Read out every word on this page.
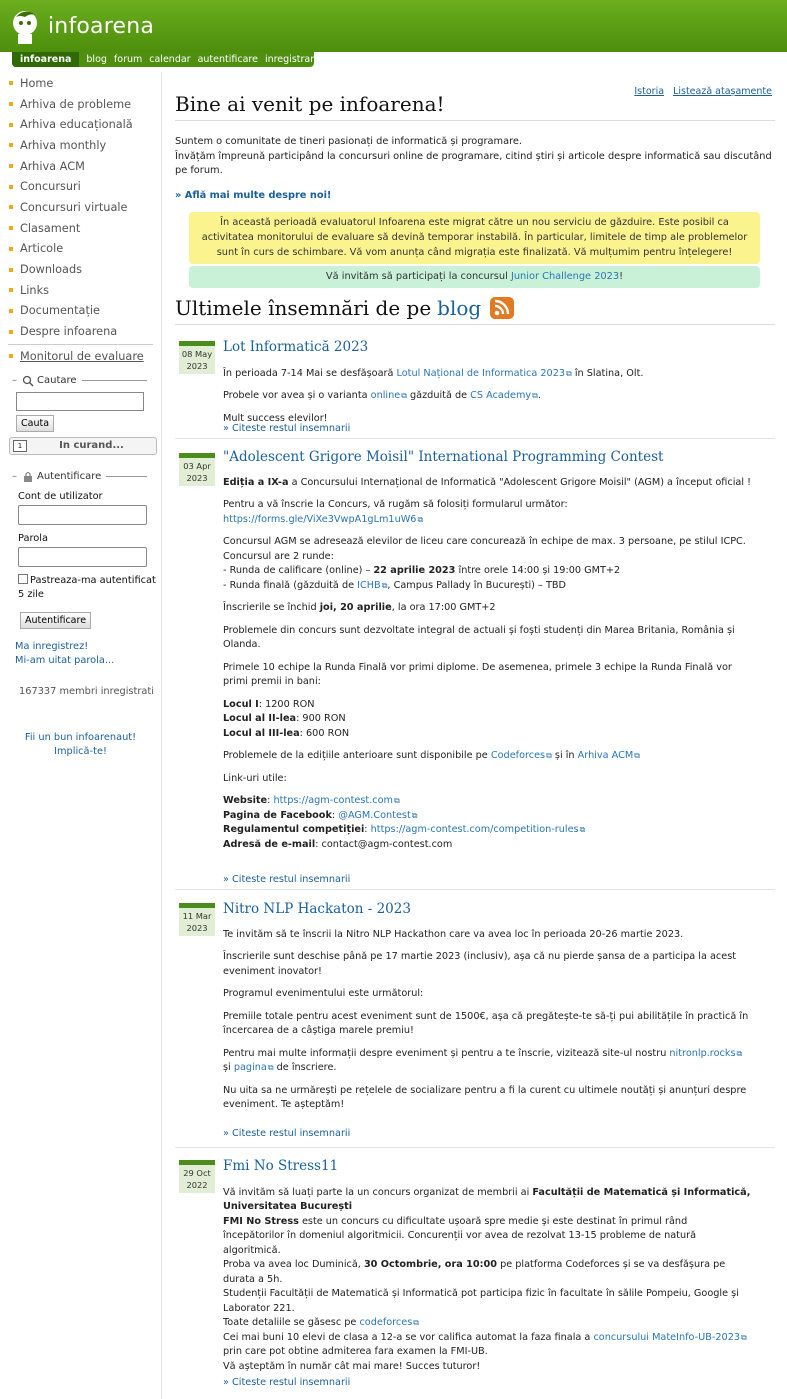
infoarena
infoarena	blog forum calendar autentificare inregistrare
Home
Arhiva de probleme
Arhiva educațională
Arhiva monthly
Arhiva ACM
Concursuri
Concursuri virtuale
Clasament
Articole
Downloads
Links
Documentație
Despre infoarena
Monitorul de evaluare
– Cautare
Cauta
1	In curand...
– Autentificare
Cont de utilizator
Parola
Pastreaza-ma autentificat 5 zile
Autentificare
Ma inregistrez!
Mi-am uitat parola...
167337 membri inregistrati
Fii un bun infoarenaut!
Implică-te!
Istoria Listează atașamente
Bine ai venit pe infoarena!
Suntem o comunitate de tineri pasionați de informatică și programare.
Învățăm împreună participând la concursuri online de programare, citind știri și articole despre informatică sau discutând pe forum.
» Află mai multe despre noi!
În această perioadă evaluatorul Infoarena este migrat către un nou serviciu de găzduire. Este posibil ca activitatea monitorului de evaluare să devină temporar instabilă. În particular, limitele de timp ale problemelor sunt în curs de schimbare. Vă vom anunța când migrația este finalizată. Vă mulțumim pentru înțelegere!
Vă invităm să participați la concursul Junior Challenge 2023!
Ultimele însemnări de pe blog
08 May
2023
Lot Informatică 2023

În perioada 7-14 Mai se desfășoară Lotul Național de Informatica 2023 ⧉ în Slatina, Olt.

Probele vor avea și o varianta online ⧉ găzduită de CS Academy ⧉ .

Mult success elevilor!

» Citeste restul insemnarii
03 Apr
2023
"Adolescent Grigore Moisil" International Programming Contest

Ediția a IX-a a Concursului Internațional de Informatică "Adolescent Grigore Moisil" (AGM) a început oficial !

Pentru a vă înscrie la Concurs, vă rugăm să folosiți formularul următor:
https://forms.gle/ViXe3VwpA1gLm1uW6 ⧉

Concursul AGM se adresează elevilor de liceu care concurează în echipe de max. 3 persoane, pe stilul ICPC.
Concursul are 2 runde:
- Runda de calificare (online) – 22 aprilie 2023 între orele 14:00 și 19:00 GMT+2
- Runda finală (găzduită de ICHB ⧉ , Campus Pallady în București) – TBD

Înscrierile se închid joi, 20 aprilie, la ora 17:00 GMT+2

Problemele din concurs sunt dezvoltate integral de actuali și foști studenți din Marea Britania, România și Olanda.

Primele 10 echipe la Runda Finală vor primi diplome. De asemenea, primele 3 echipe la Runda Finală vor primi premii in bani:

Locul I: 1200 RON
Locul al II-lea: 900 RON
Locul al III-lea: 600 RON

Problemele de la edițiile anterioare sunt disponibile pe Codeforces ⧉ și în Arhiva ACM ⧉

Link-uri utile:

Website: https://agm-contest.com ⧉
Pagina de Facebook: @AGM.Contest ⧉
Regulamentul competiției: https://agm-contest.com/competition-rules ⧉
Adresă de e-mail: contact@agm-contest.com

» Citeste restul insemnarii
11 Mar
2023
Nitro NLP Hackaton - 2023

Te invităm să te înscrii la Nitro NLP Hackathon care va avea loc în perioada 20-26 martie 2023.

Înscrierile sunt deschise până pe 17 martie 2023 (inclusiv), așa că nu pierde șansa de a participa la acest eveniment inovator!

Programul evenimentului este următorul:

Premiile totale pentru acest eveniment sunt de 1500€, așa că pregătește-te să-ți pui abilitățile în practică în încercarea de a câștiga marele premiu!

Pentru mai multe informații despre eveniment și pentru a te înscrie, vizitează site-ul nostru nitronlp.rocks ⧉
și pagina ⧉ de înscriere.

Nu uita sa ne urmărești pe rețelele de socializare pentru a fi la curent cu ultimele noutăți și anunțuri despre eveniment. Te așteptăm!

» Citeste restul insemnarii
29 Oct
2022
Fmi No Stress11

Vă invităm să luați parte la un concurs organizat de membrii ai Facultății de Matematică și Informatică, Universitatea București

FMI No Stress este un concurs cu dificultate ușoară spre medie și este destinat în primul rând începătorilor în domeniul algoritmicii. Concurenții vor avea de rezolvat 13-15 probleme de natură algoritmică.

Proba va avea loc Duminică, 30 Octombrie, ora 10:00 pe platforma Codeforces și se va desfășura pe durata a 5h.

Studenții Facultății de Matematică și Informatică pot participa fizic în facultate în sălile Pompeiu, Google și Laborator 221.

Toate detaliile se găsesc pe codeforces ⧉

Cei mai buni 10 elevi de clasa a 12-a se vor califica automat la faza finala a concursului MateInfo-UB-2023 ⧉ prin care pot obtine admiterea fara examen la FMI-UB.

Vă așteptăm în număr cât mai mare! Succes tuturor!

» Citeste restul insemnarii
